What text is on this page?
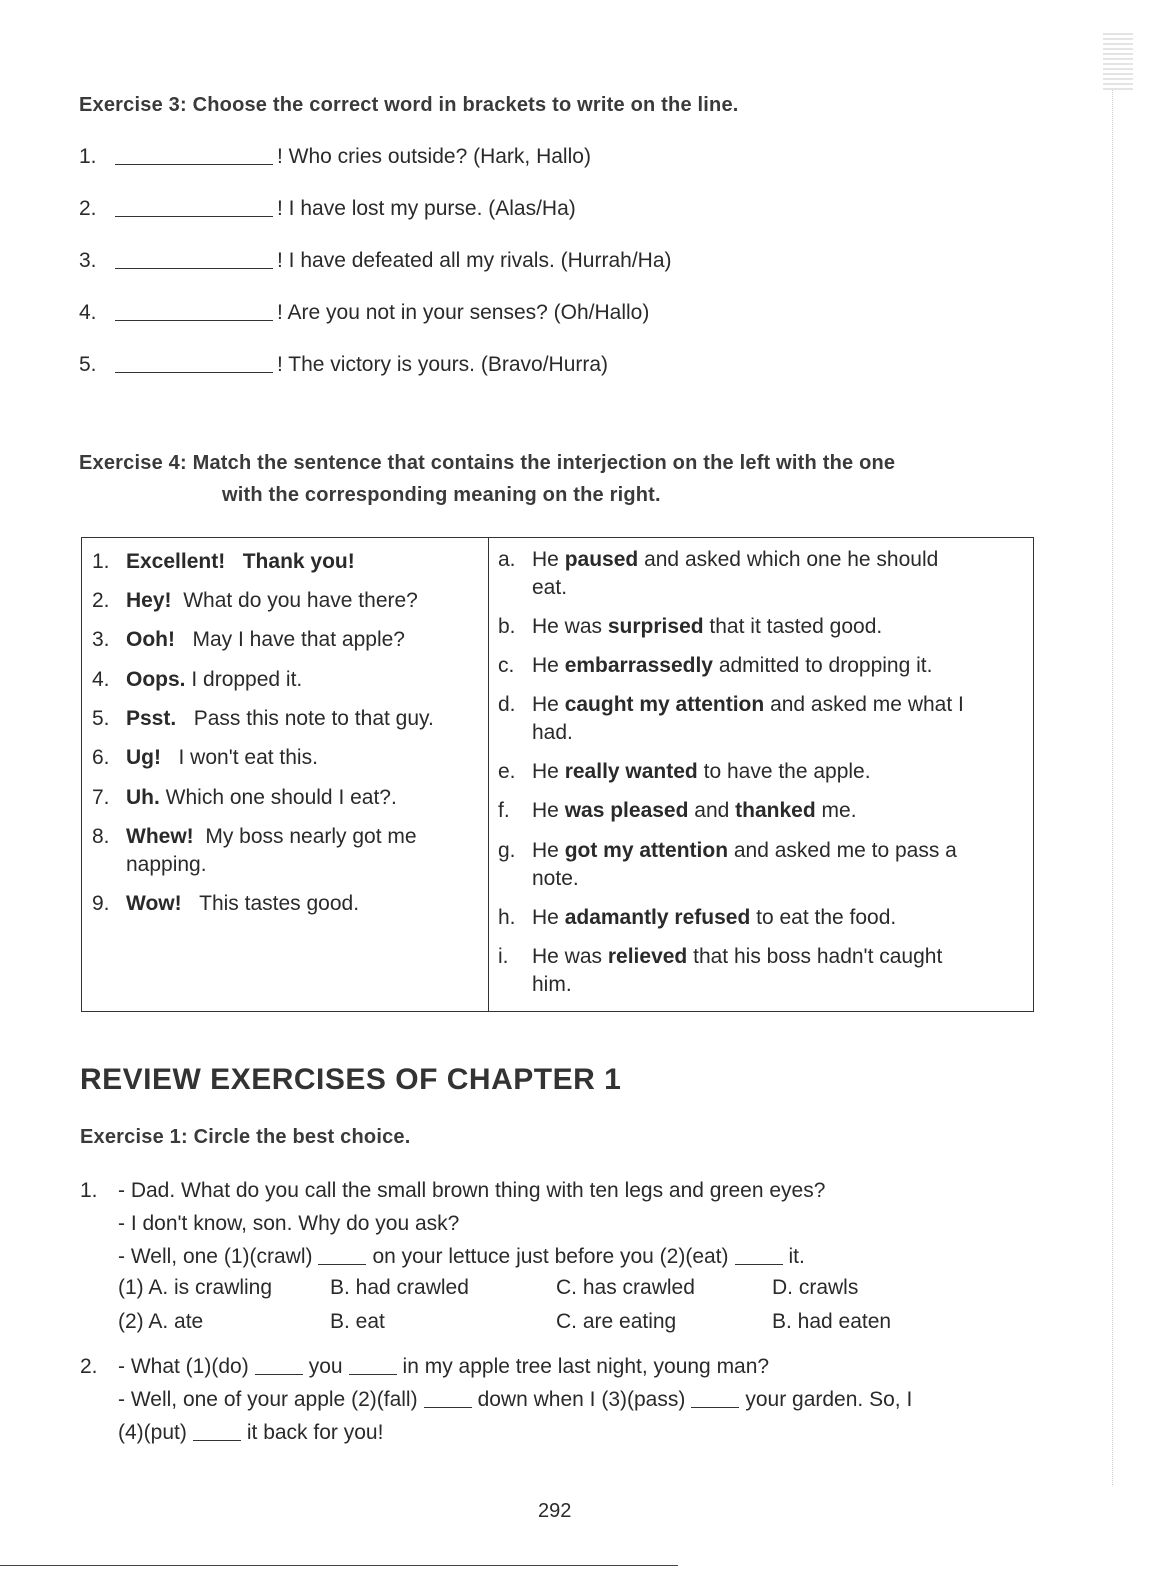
Exercise 3: Choose the correct word in brackets to write on the line.
1.	! Who cries outside? (Hark, Hallo)
2.	! I have lost my purse. (Alas/Ha)
3.	! I have defeated all my rivals. (Hurrah/Ha)
4.	! Are you not in your senses? (Oh/Hallo)
5.	! The victory is yours. (Bravo/Hurra)
Exercise 4: Match the sentence that contains the interjection on the left with the one
with the corresponding meaning on the right.
1. Excellent! Thank you!
2. Hey! What do you have there?
3. Ooh! May I have that apple?
4. Oops. I dropped it.
5. Psst. Pass this note to that guy.
6. Ug! I won't eat this.
7. Uh. Which one should I eat?.
8. Whew! My boss nearly got me
napping.
9. Wow! This tastes good.
a. He paused and asked which one he should
eat.
b. He was surprised that it tasted good.
c. He embarrassedly admitted to dropping it.
d. He caught my attention and asked me what I
had.
e. He really wanted to have the apple.
f. He was pleased and thanked me.
g. He got my attention and asked me to pass a
note.
h. He adamantly refused to eat the food.
i. He was relieved that his boss hadn't caught
him.
REVIEW EXERCISES OF CHAPTER 1
Exercise 1: Circle the best choice.
1. - Dad. What do you call the small brown thing with ten legs and green eyes?
- I don't know, son. Why do you ask?
- Well, one (1)(crawl)	on your lettuce just before you (2)(eat)	it.
(1) A. is crawling	B. had crawled	C. has crawled	D. crawls
(2) A. ate	B. eat	C. are eating	B. had eaten
2. - What (1)(do)	you	in my apple tree last night, young man?
- Well, one of your apple (2)(fall)	down when I (3)(pass)	your garden. So, I
(4)(put)	it back for you!
292
